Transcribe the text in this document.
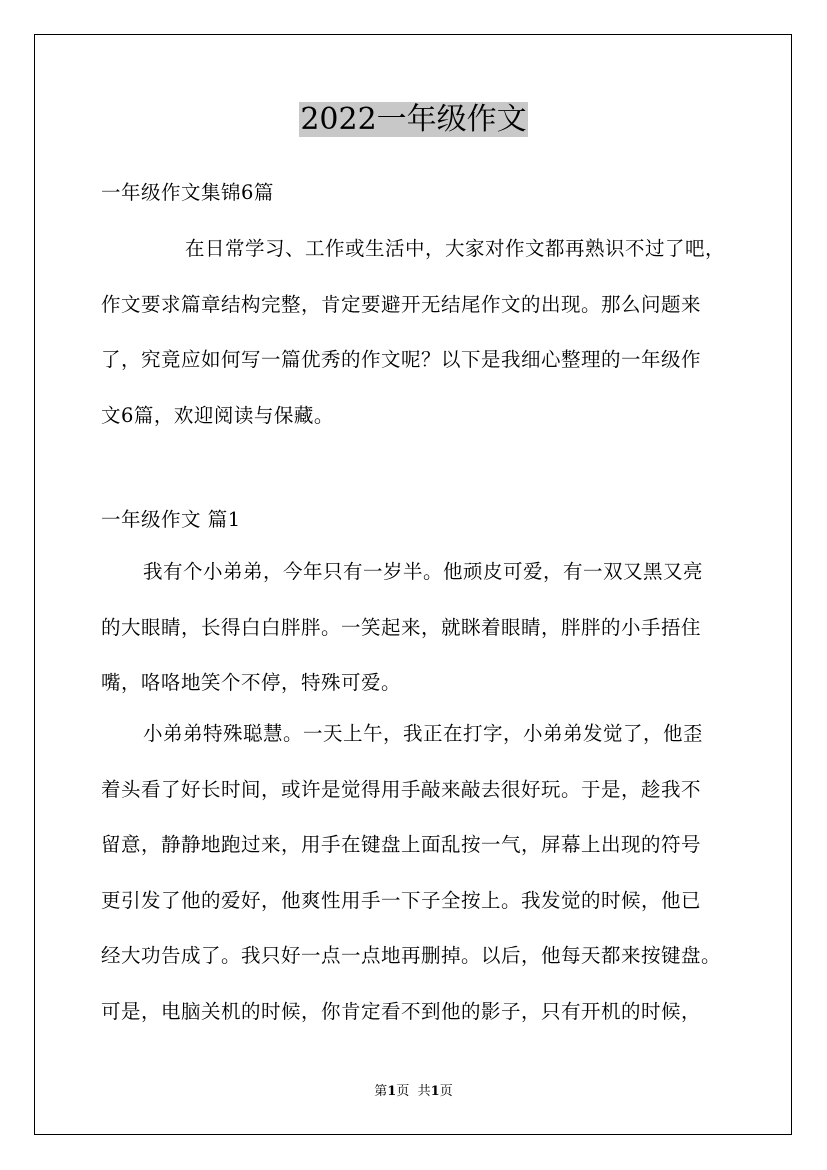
2022一年级作文
一年级作文集锦6篇
在日常学习、工作或生活中，大家对作文都再熟识不过了吧，
作文要求篇章结构完整，肯定要避开无结尾作文的出现。那么问题来
了，究竟应如何写一篇优秀的作文呢？以下是我细心整理的一年级作
文6篇，欢迎阅读与保藏。
一年级作文 篇1
我有个小弟弟，今年只有一岁半。他顽皮可爱，有一双又黑又亮
的大眼睛，长得白白胖胖。一笑起来，就眯着眼睛，胖胖的小手捂住
嘴，咯咯地笑个不停，特殊可爱。
小弟弟特殊聪慧。一天上午，我正在打字，小弟弟发觉了，他歪
着头看了好长时间，或许是觉得用手敲来敲去很好玩。于是，趁我不
留意，静静地跑过来，用手在键盘上面乱按一气，屏幕上出现的符号
更引发了他的爱好，他爽性用手一下子全按上。我发觉的时候，他已
经大功告成了。我只好一点一点地再删掉。以后，他每天都来按键盘。
可是，电脑关机的时候，你肯定看不到他的影子，只有开机的时候，
第1页 共1页
